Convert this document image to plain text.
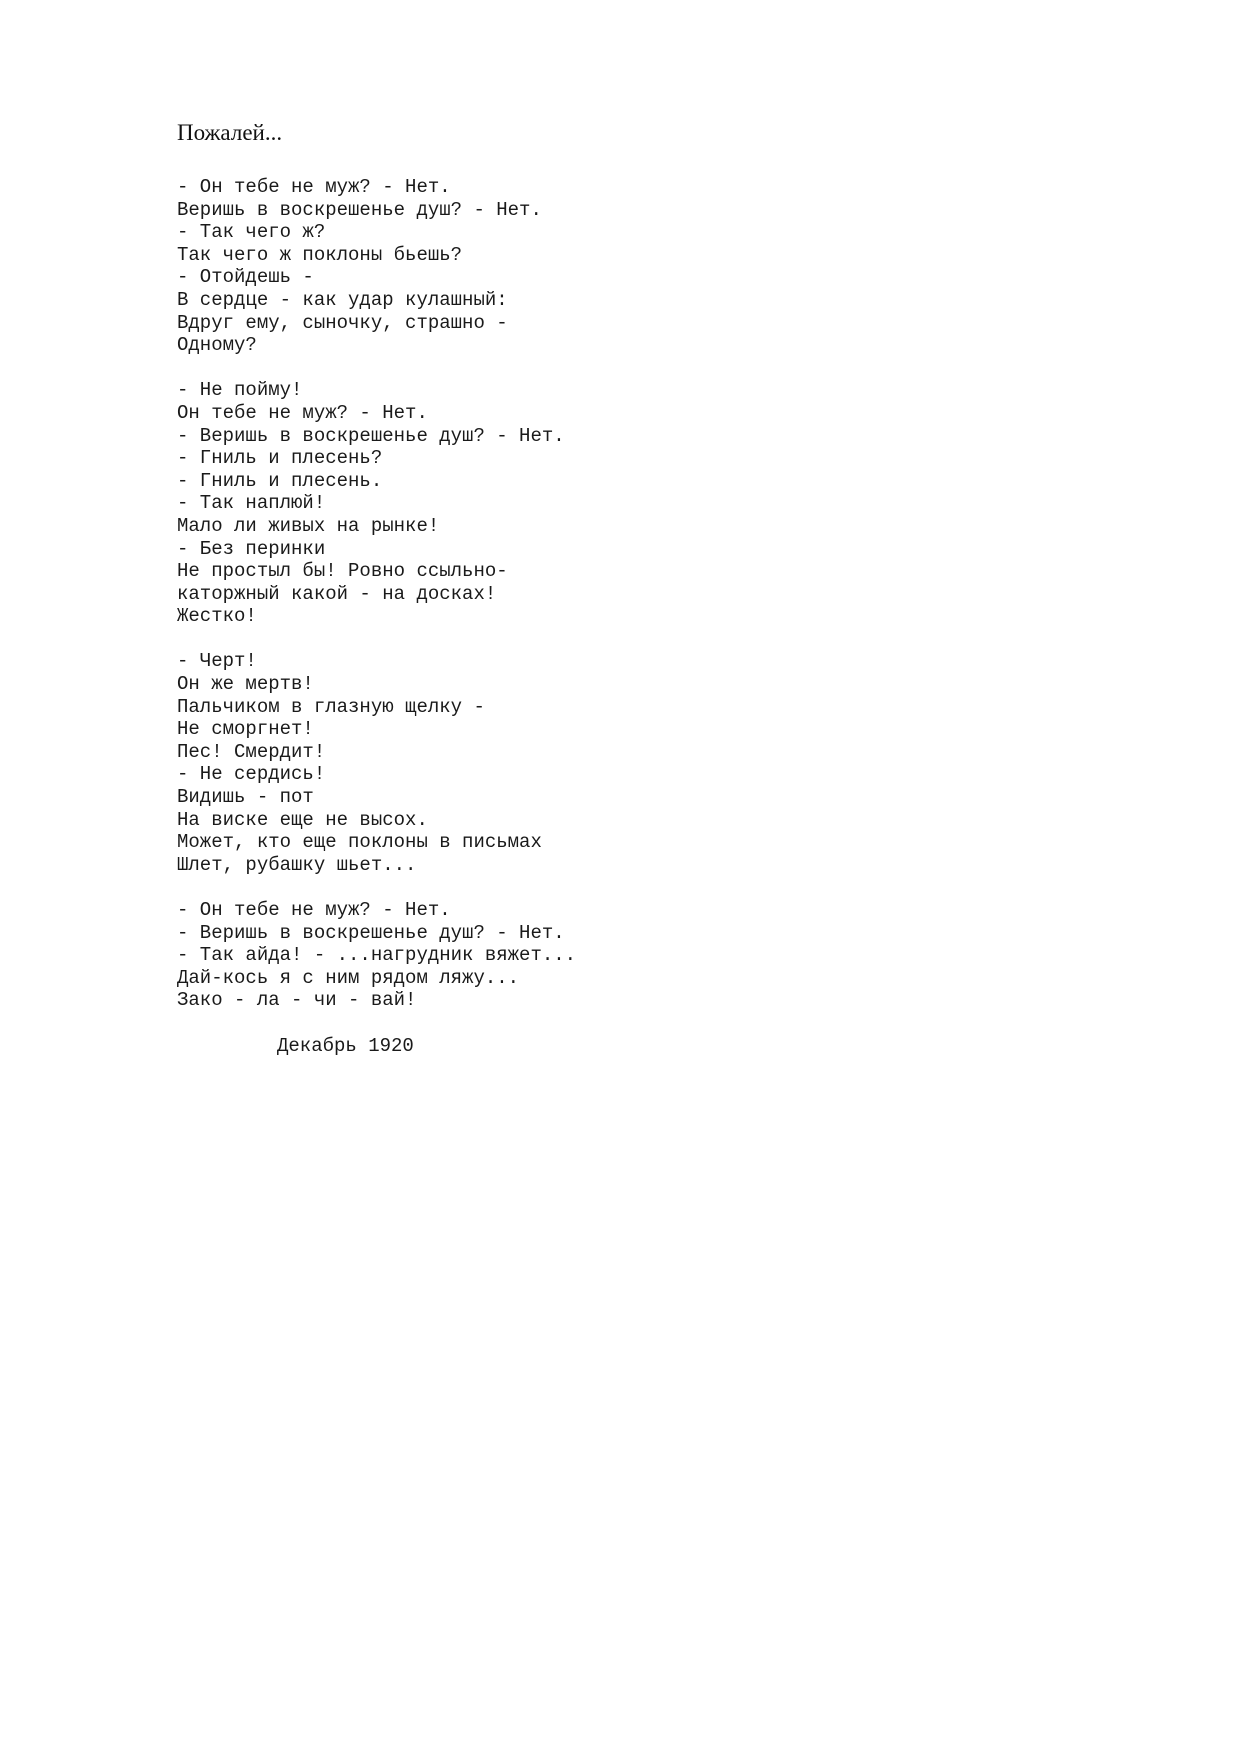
Пожалей...
- Он тебе не муж? - Нет.
Веришь в воскрешенье душ? - Нет.
- Так чего ж?
Так чего ж поклоны бьешь?
- Отойдешь -
В сердце - как удар кулашный:
Вдруг ему, сыночку, страшно -
Одному?
- Не пойму!
Он тебе не муж? - Нет.
- Веришь в воскрешенье душ? - Нет.
- Гниль и плесень?
- Гниль и плесень.
- Так наплюй!
Мало ли живых на рынке!
- Без перинки
Не простыл бы! Ровно ссыльно-
каторжный какой - на досках!
Жестко!
- Черт!
Он же мертв!
Пальчиком в глазную щелку -
Не сморгнет!
Пес! Смердит!
- Не сердись!
Видишь - пот
На виске еще не высох.
Может, кто еще поклоны в письмах
Шлет, рубашку шьет...
- Он тебе не муж? - Нет.
- Веришь в воскрешенье душ? - Нет.
- Так айда! - ...нагрудник вяжет...
Дай-кось я с ним рядом ляжу...
Зако - ла - чи - вай!
Декабрь 1920
